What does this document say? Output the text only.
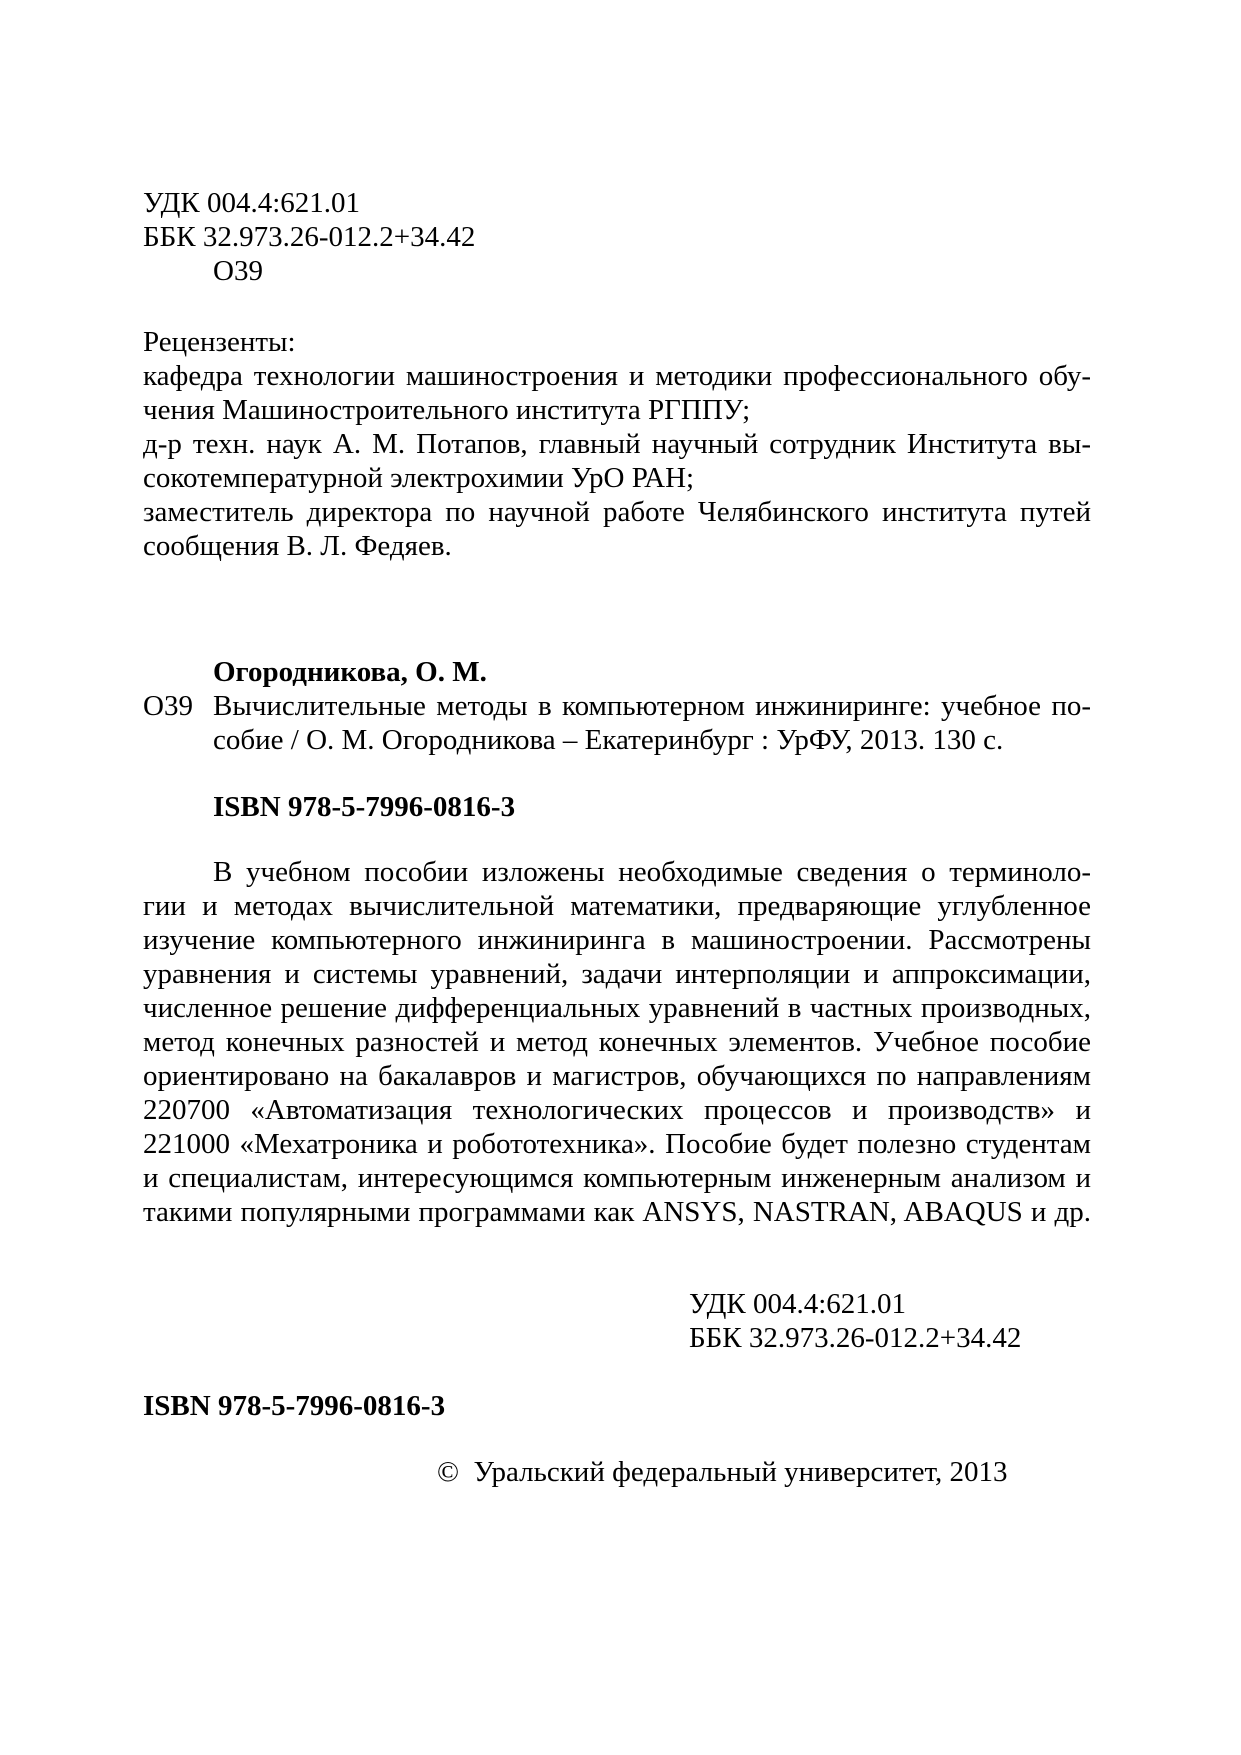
УДК 004.4:621.01
ББК 32.973.26-012.2+34.42
О39
Рецензенты:
кафедра технологии машиностроения и методики профессионального обу-
чения Машиностроительного института РГППУ;
д-р техн. наук А. М. Потапов, главный научный сотрудник Института вы-
сокотемпературной электрохимии УрО РАН;
заместитель директора по научной работе Челябинского института путей
сообщения В. Л. Федяев.
Огородникова, О. М.
О39 Вычислительные методы в компьютерном инжиниринге: учебное по-
собие / О. М. Огородникова – Екатеринбург : УрФУ, 2013. 130 с.
ISBN 978-5-7996-0816-3
В учебном пособии изложены необходимые сведения о терминоло-
гии и методах вычислительной математики, предваряющие углубленное
изучение компьютерного инжиниринга в машиностроении. Рассмотрены
уравнения и системы уравнений, задачи интерполяции и аппроксимации,
численное решение дифференциальных уравнений в частных производных,
метод конечных разностей и метод конечных элементов. Учебное пособие
ориентировано на бакалавров и магистров, обучающихся по направлениям
220700 «Автоматизация технологических процессов и производств» и
221000 «Мехатроника и робототехника». Пособие будет полезно студентам
и специалистам, интересующимся компьютерным инженерным анализом и
такими популярными программами как ANSYS, NASTRAN, ABAQUS и др.
УДК 004.4:621.01
ББК 32.973.26-012.2+34.42
ISBN 978-5-7996-0816-3
©  Уральский федеральный университет, 2013
